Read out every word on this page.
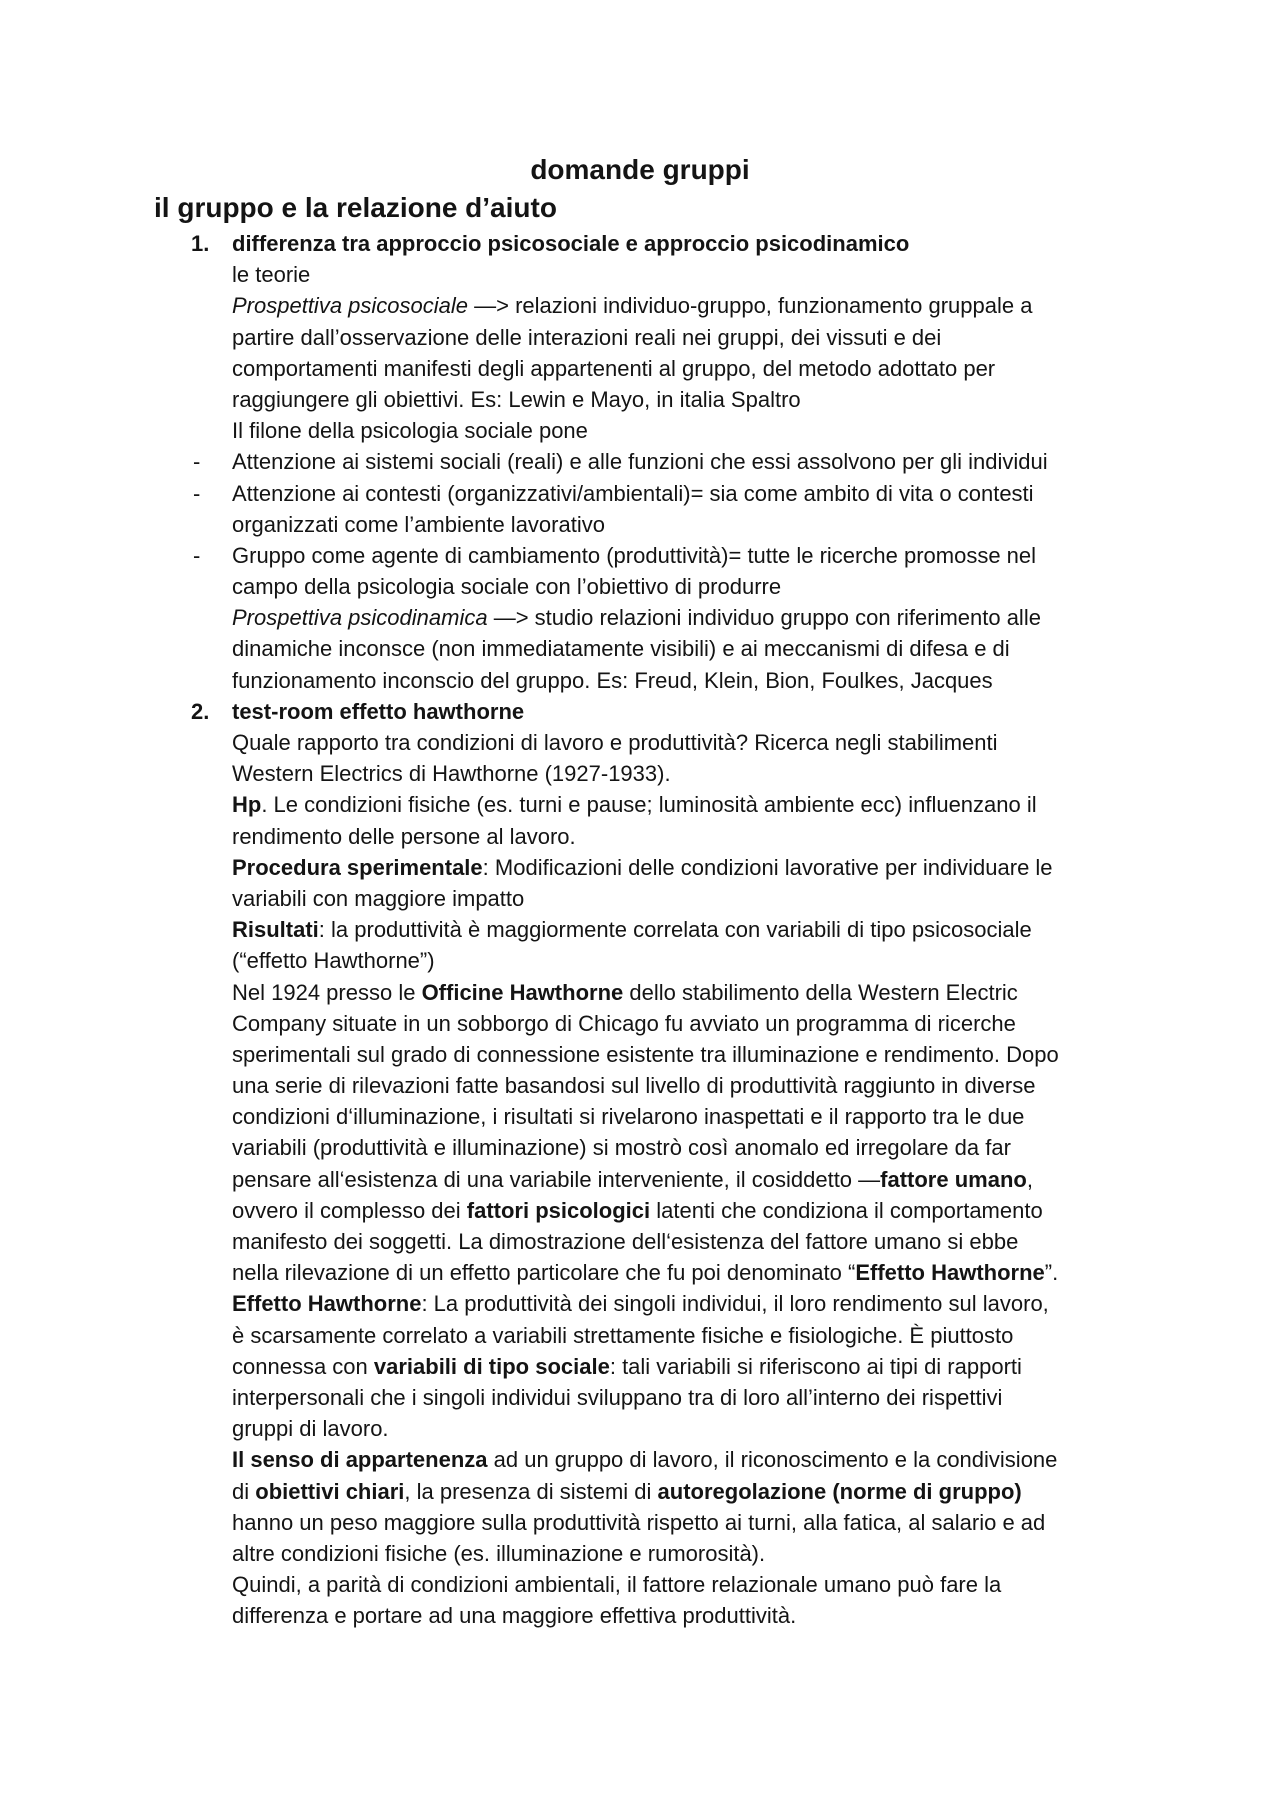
domande gruppi
il gruppo e la relazione d’aiuto
1. differenza tra approccio psicosociale e approccio psicodinamico
le teorie
Prospettiva psicosociale —> relazioni individuo-gruppo, funzionamento gruppale a
partire dall’osservazione delle interazioni reali nei gruppi, dei vissuti e dei
comportamenti manifesti degli appartenenti al gruppo, del metodo adottato per
raggiungere gli obiettivi. Es: Lewin e Mayo, in italia Spaltro
Il filone della psicologia sociale pone
- Attenzione ai sistemi sociali (reali) e alle funzioni che essi assolvono per gli individui
- Attenzione ai contesti (organizzativi/ambientali)= sia come ambito di vita o contesti
organizzati come l’ambiente lavorativo
- Gruppo come agente di cambiamento (produttività)= tutte le ricerche promosse nel
campo della psicologia sociale con l’obiettivo di produrre
Prospettiva psicodinamica —> studio relazioni individuo gruppo con riferimento alle
dinamiche inconsce (non immediatamente visibili) e ai meccanismi di difesa e di
funzionamento inconscio del gruppo. Es: Freud, Klein, Bion, Foulkes, Jacques
2. test-room effetto hawthorne
Quale rapporto tra condizioni di lavoro e produttività? Ricerca negli stabilimenti
Western Electrics di Hawthorne (1927-1933).
Hp. Le condizioni fisiche (es. turni e pause; luminosità ambiente ecc) influenzano il
rendimento delle persone al lavoro.
Procedura sperimentale: Modificazioni delle condizioni lavorative per individuare le
variabili con maggiore impatto
Risultati: la produttività è maggiormente correlata con variabili di tipo psicosociale
(“effetto Hawthorne”)
Nel 1924 presso le Officine Hawthorne dello stabilimento della Western Electric
Company situate in un sobborgo di Chicago fu avviato un programma di ricerche
sperimentali sul grado di connessione esistente tra illuminazione e rendimento. Dopo
una serie di rilevazioni fatte basandosi sul livello di produttività raggiunto in diverse
condizioni d‘illuminazione, i risultati si rivelarono inaspettati e il rapporto tra le due
variabili (produttività e illuminazione) si mostrò così anomalo ed irregolare da far
pensare all‘esistenza di una variabile interveniente, il cosiddetto —fattore umano,
ovvero il complesso dei fattori psicologici latenti che condiziona il comportamento
manifesto dei soggetti. La dimostrazione dell‘esistenza del fattore umano si ebbe
nella rilevazione di un effetto particolare che fu poi denominato “Effetto Hawthorne”.
Effetto Hawthorne: La produttività dei singoli individui, il loro rendimento sul lavoro,
è scarsamente correlato a variabili strettamente fisiche e fisiologiche. È piuttosto
connessa con variabili di tipo sociale: tali variabili si riferiscono ai tipi di rapporti
interpersonali che i singoli individui sviluppano tra di loro all’interno dei rispettivi
gruppi di lavoro.
Il senso di appartenenza ad un gruppo di lavoro, il riconoscimento e la condivisione
di obiettivi chiari, la presenza di sistemi di autoregolazione (norme di gruppo)
hanno un peso maggiore sulla produttività rispetto ai turni, alla fatica, al salario e ad
altre condizioni fisiche (es. illuminazione e rumorosità).
Quindi, a parità di condizioni ambientali, il fattore relazionale umano può fare la
differenza e portare ad una maggiore effettiva produttività.
